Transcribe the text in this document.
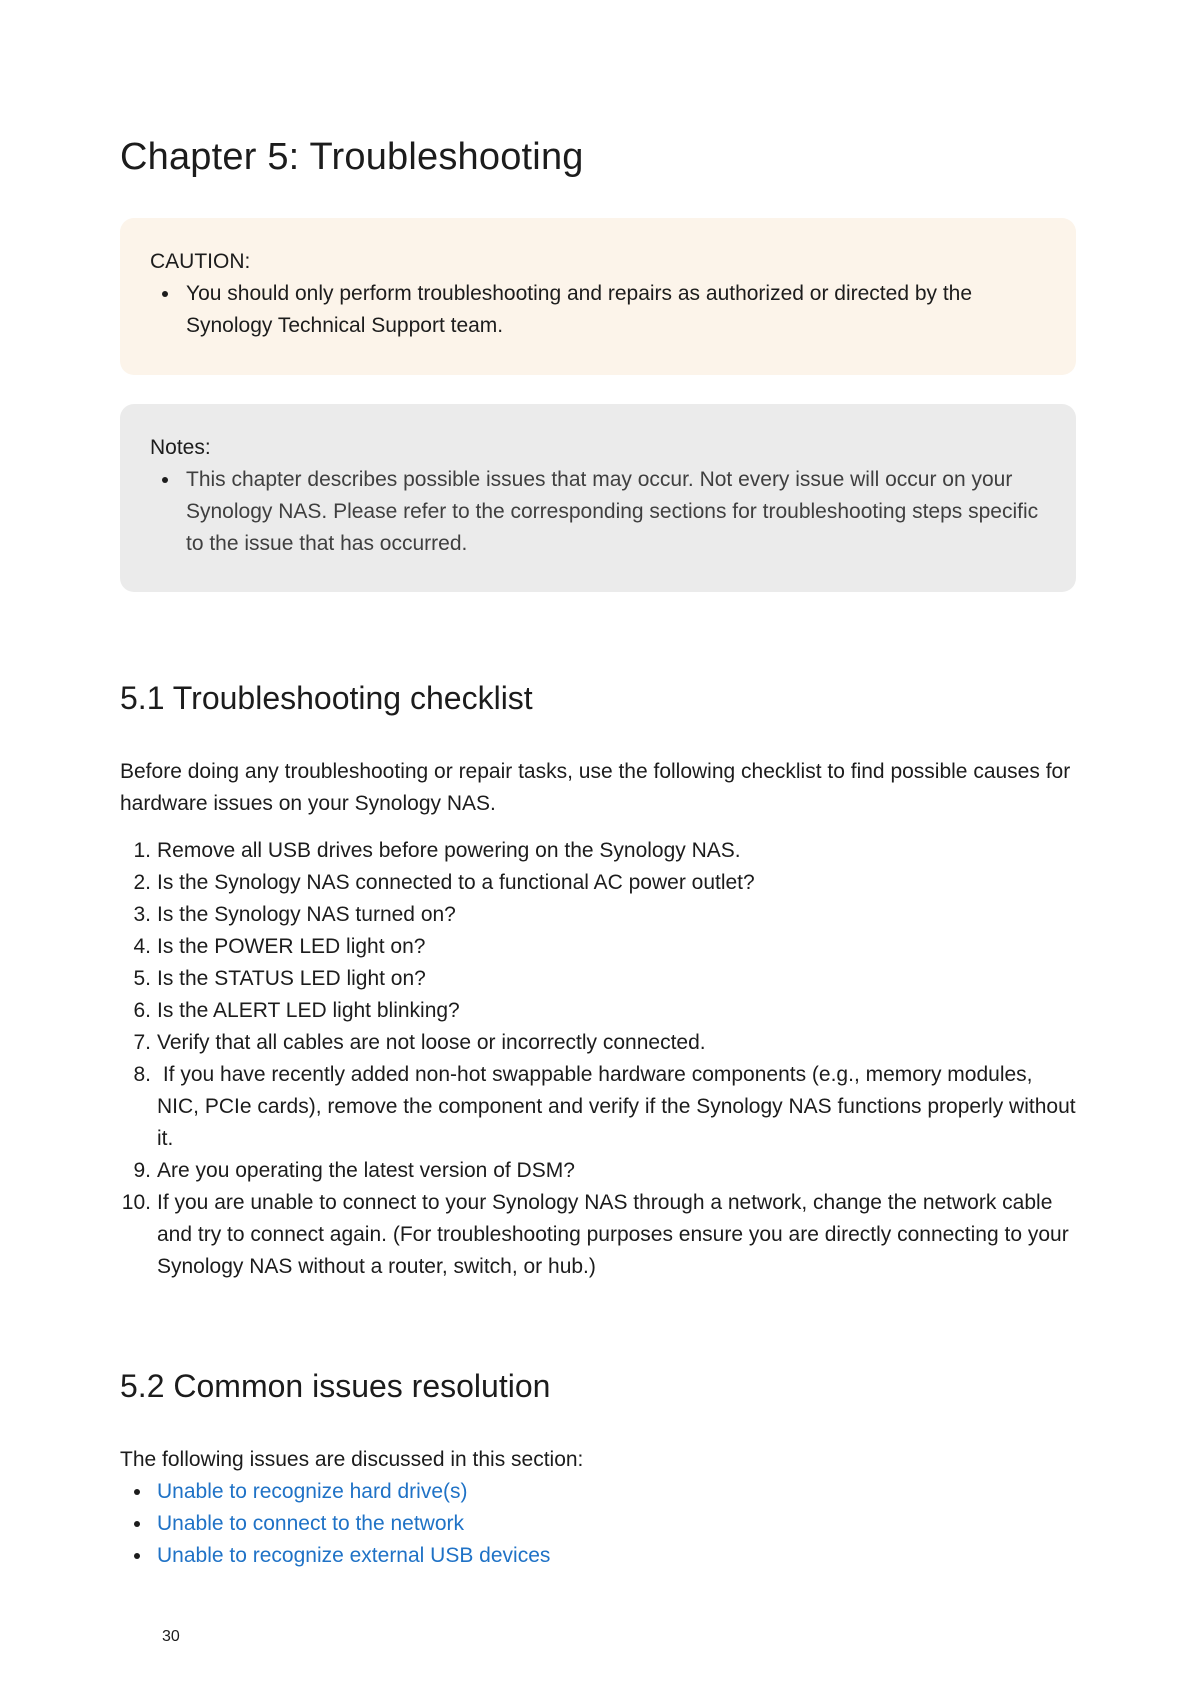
Chapter 5: Troubleshooting
CAUTION:
You should only perform troubleshooting and repairs as authorized or directed by the Synology Technical Support team.
Notes:
This chapter describes possible issues that may occur. Not every issue will occur on your Synology NAS. Please refer to the corresponding sections for troubleshooting steps specific to the issue that has occurred.
5.1 Troubleshooting checklist

Before doing any troubleshooting or repair tasks, use the following checklist to find possible causes for hardware issues on your Synology NAS.

1. Remove all USB drives before powering on the Synology NAS.
2. Is the Synology NAS connected to a functional AC power outlet?
3. Is the Synology NAS turned on?
4. Is the POWER LED light on?
5. Is the STATUS LED light on?
6. Is the ALERT LED light blinking?
7. Verify that all cables are not loose or incorrectly connected.
8. If you have recently added non-hot swappable hardware components (e.g., memory modules, NIC, PCIe cards), remove the component and verify if the Synology NAS functions properly without it.
9. Are you operating the latest version of DSM?
10. If you are unable to connect to your Synology NAS through a network, change the network cable and try to connect again. (For troubleshooting purposes ensure you are directly connecting to your Synology NAS without a router, switch, or hub.)
5.2 Common issues resolution

The following issues are discussed in this section:

Unable to recognize hard drive(s)
Unable to connect to the network
Unable to recognize external USB devices
30
